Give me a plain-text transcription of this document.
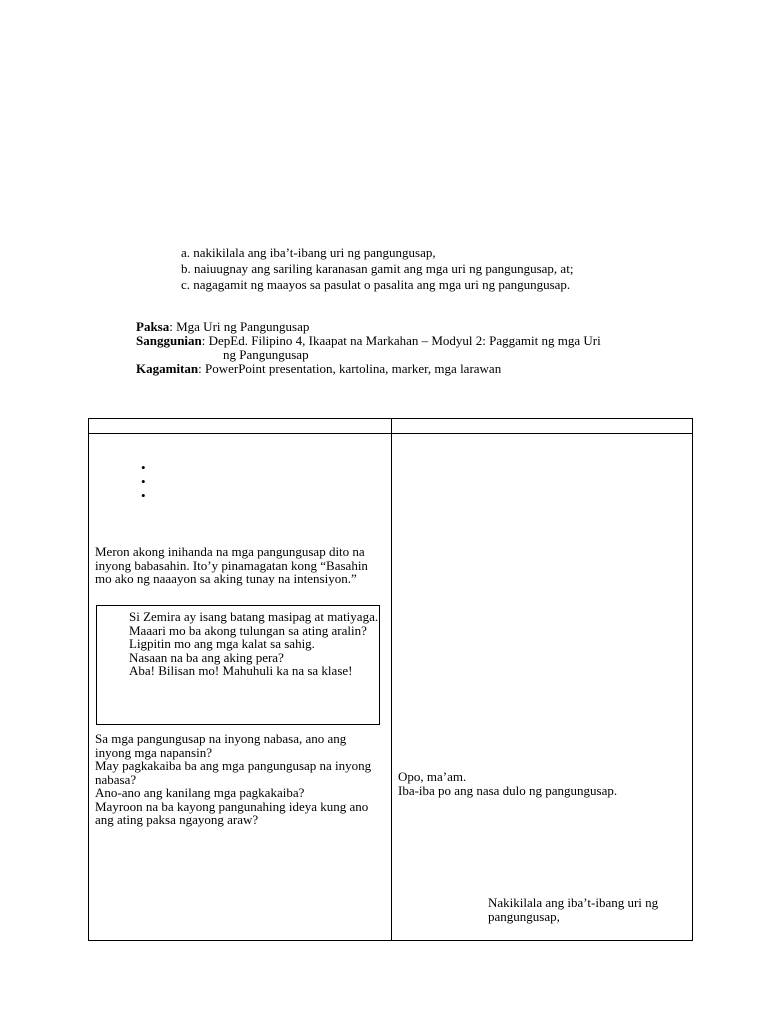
a. nakikilala ang iba’t-ibang uri ng pangungusap,
b. naiuugnay ang sariling karanasan gamit ang mga uri ng pangungusap, at;
c. nagagamit ng maayos sa pasulat o pasalita ang mga uri ng pangungusap.
Paksa: Mga Uri ng Pangungusap
Sanggunian: DepEd. Filipino 4, Ikaapat na Markahan – Modyul 2: Paggamit ng mga Uri
ng Pangungusap
Kagamitan: PowerPoint presentation, kartolina, marker, mga larawan
•
•
•
Meron akong inihanda na mga pangungusap dito na inyong babasahin. Ito’y pinamagatan kong “Basahin mo ako ng naaayon sa aking tunay na intensiyon.”

Si Zemira ay isang batang masipag at matiyaga.

Maaari mo ba akong tulungan sa ating aralin?

Ligpitin mo ang mga kalat sa sahig.

Nasaan na ba ang aking pera?

Aba! Bilisan mo! Mahuhuli ka na sa klase!

Sa mga pangungusap na inyong nabasa, ano ang inyong mga napansin?

May pagkakaiba ba ang mga pangungusap na inyong nabasa?

Ano-ano ang kanilang mga pagkakaiba?

Mayroon na ba kayong pangunahing ideya kung ano ang ating paksa ngayong araw?

Opo, ma’am.

Iba-iba po ang nasa dulo ng pangungusap.

Nakikilala ang iba’t-ibang uri ng pangungusap,
